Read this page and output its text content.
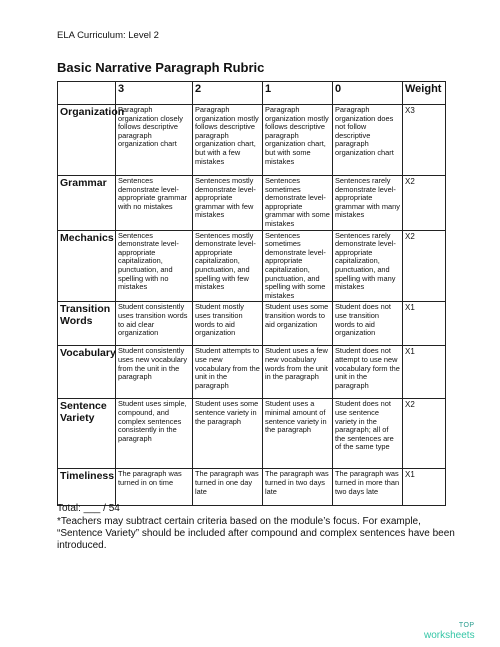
ELA Curriculum: Level 2
Basic Narrative Paragraph Rubric
	3	2	1	0	Weight
Organization	Paragraph organization closely follows descriptive paragraph organization chart	Paragraph organization mostly follows descriptive paragraph organization chart, but with a few mistakes	Paragraph organization mostly follows descriptive paragraph organization chart, but with some mistakes	Paragraph organization does not follow descriptive paragraph organization chart	X3
Grammar	Sentences demonstrate level-appropriate grammar with no mistakes	Sentences mostly demonstrate level-appropriate grammar with few mistakes	Sentences sometimes demonstrate level-appropriate grammar with some mistakes	Sentences rarely demonstrate level-appropriate grammar with many mistakes	X2
Mechanics	Sentences demonstrate level-appropriate capitalization, punctuation, and spelling with no mistakes	Sentences mostly demonstrate level-appropriate capitalization, punctuation, and spelling with few mistakes	Sentences sometimes demonstrate level-appropriate capitalization, punctuation, and spelling with some mistakes	Sentences rarely demonstrate level-appropriate capitalization, punctuation, and spelling with many mistakes	X2
Transition Words	Student consistently uses transition words to aid clear organization	Student mostly uses transition words to aid organization	Student uses some transition words to aid organization	Student does not use transition words to aid organization	X1
Vocabulary	Student consistently uses new vocabulary from the unit in the paragraph	Student attempts to use new vocabulary from the unit in the paragraph	Student uses a few new vocabulary words from the unit in the paragraph	Student does not attempt to use new vocabulary form the unit in the paragraph	X1
Sentence Variety	Student uses simple, compound, and complex sentences consistently in the paragraph	Student uses some sentence variety in the paragraph	Student uses a minimal amount of sentence variety in the paragraph	Student does not use sentence variety in the paragraph; all of the sentences are of the same type	X2
Timeliness	The paragraph was turned in on time	The paragraph was turned in one day late	The paragraph was turned in two days late	The paragraph was turned in more than two days late	X1
Total: ___ / 54
*Teachers may subtract certain criteria based on the module’s focus. For example, “Sentence Variety” should be included after compound and complex sentences have been introduced.
TOP
worksheets
